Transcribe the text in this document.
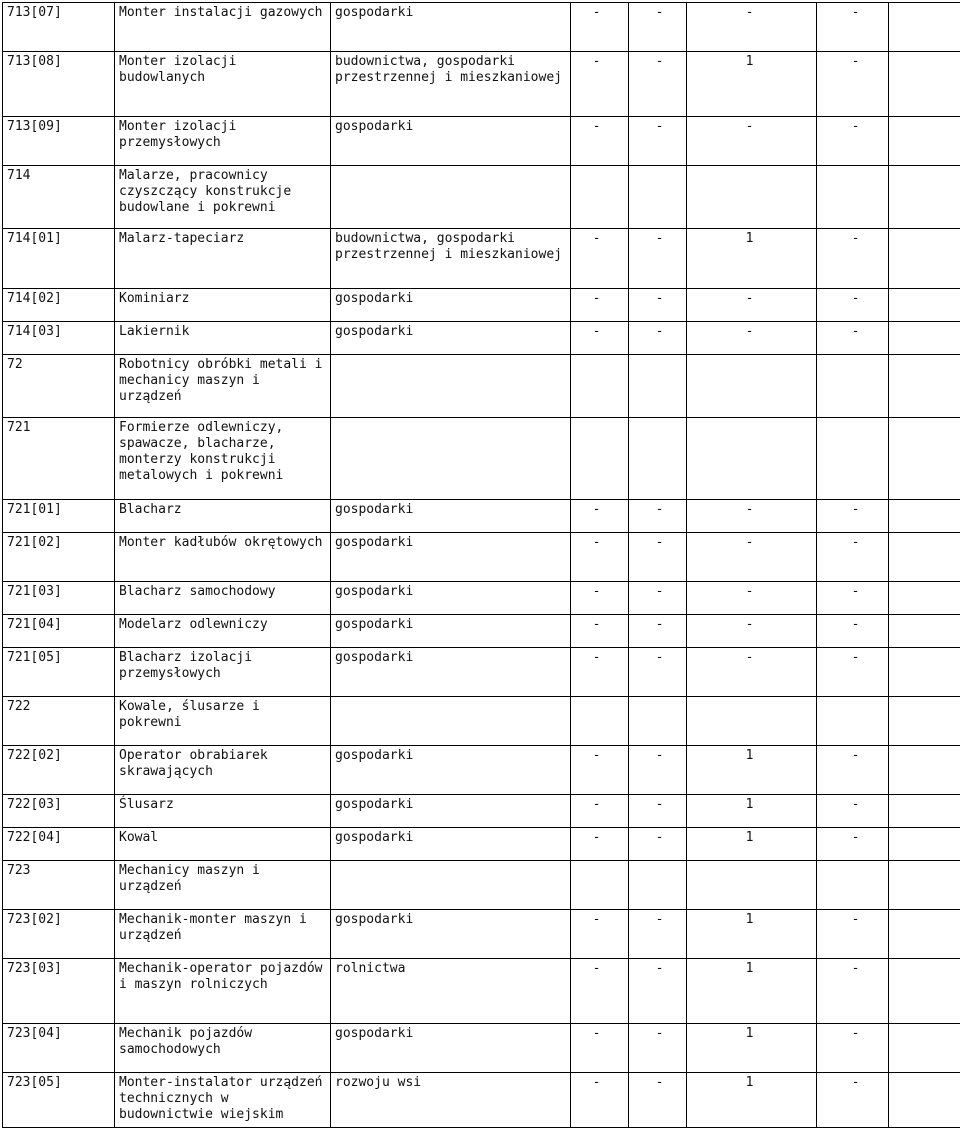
713[07]	Monter instalacji gazowych	gospodarki	-	-	-	-	
713[08]	Monter izolacji budowlanych	budownictwa, gospodarki przestrzennej i mieszkaniowej	-	-	1	-	
713[09]	Monter izolacji przemysłowych	gospodarki	-	-	-	-	
714	Malarze, pracownicy czyszczący konstrukcje budowlane i pokrewni						
714[01]	Malarz-tapeciarz	budownictwa, gospodarki przestrzennej i mieszkaniowej	-	-	1	-	
714[02]	Kominiarz	gospodarki	-	-	-	-	
714[03]	Lakiernik	gospodarki	-	-	-	-	
72	Robotnicy obróbki metali i mechanicy maszyn i urządzeń						
721	Formierze odlewniczy, spawacze, blacharze, monterzy konstrukcji metalowych i pokrewni						
721[01]	Blacharz	gospodarki	-	-	-	-	
721[02]	Monter kadłubów okrętowych	gospodarki	-	-	-	-	
721[03]	Blacharz samochodowy	gospodarki	-	-	-	-	
721[04]	Modelarz odlewniczy	gospodarki	-	-	-	-	
721[05]	Blacharz izolacji przemysłowych	gospodarki	-	-	-	-	
722	Kowale, ślusarze i pokrewni						
722[02]	Operator obrabiarek skrawających	gospodarki	-	-	1	-	
722[03]	Ślusarz	gospodarki	-	-	1	-	
722[04]	Kowal	gospodarki	-	-	1	-	
723	Mechanicy maszyn i urządzeń						
723[02]	Mechanik-monter maszyn i urządzeń	gospodarki	-	-	1	-	
723[03]	Mechanik-operator pojazdów i maszyn rolniczych	rolnictwa	-	-	1	-	
723[04]	Mechanik pojazdów samochodowych	gospodarki	-	-	1	-	
723[05]	Monter-instalator urządzeń technicznych w budownictwie wiejskim	rozwoju wsi	-	-	1	-	
